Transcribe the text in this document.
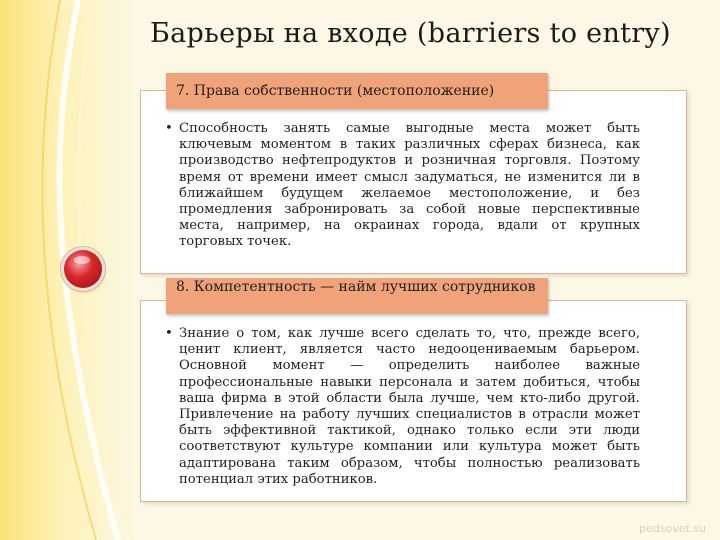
Барьеры на входе (barriers to entry)
7. Права собственности (местоположение)
• Способность занять самые выгодные места может быть ключевым моментом в таких различных сферах бизнеса, как производство нефтепродуктов и розничная торговля. Поэтому время от времени имеет смысл задуматься, не изменится ли в ближайшем будущем желаемое местоположение, и без промедления забронировать за собой новые перспективные места, например, на окраинах города, вдали от крупных торговых точек.
8. Компетентность — найм лучших сотрудников
• Знание о том, как лучше всего сделать то, что, прежде всего, ценит клиент, является часто недооцениваемым барьером. Основной момент — определить наиболее важные профессиональные навыки персонала и затем добиться, чтобы ваша фирма в этой области была лучше, чем кто-либо другой. Привлечение на работу лучших специалистов в отрасли может быть эффективной тактикой, однако только если эти люди соответствуют культуре компании или культура может быть адаптирована таким образом, чтобы полностью реализовать потенциал этих работников.
pedsovet.su
